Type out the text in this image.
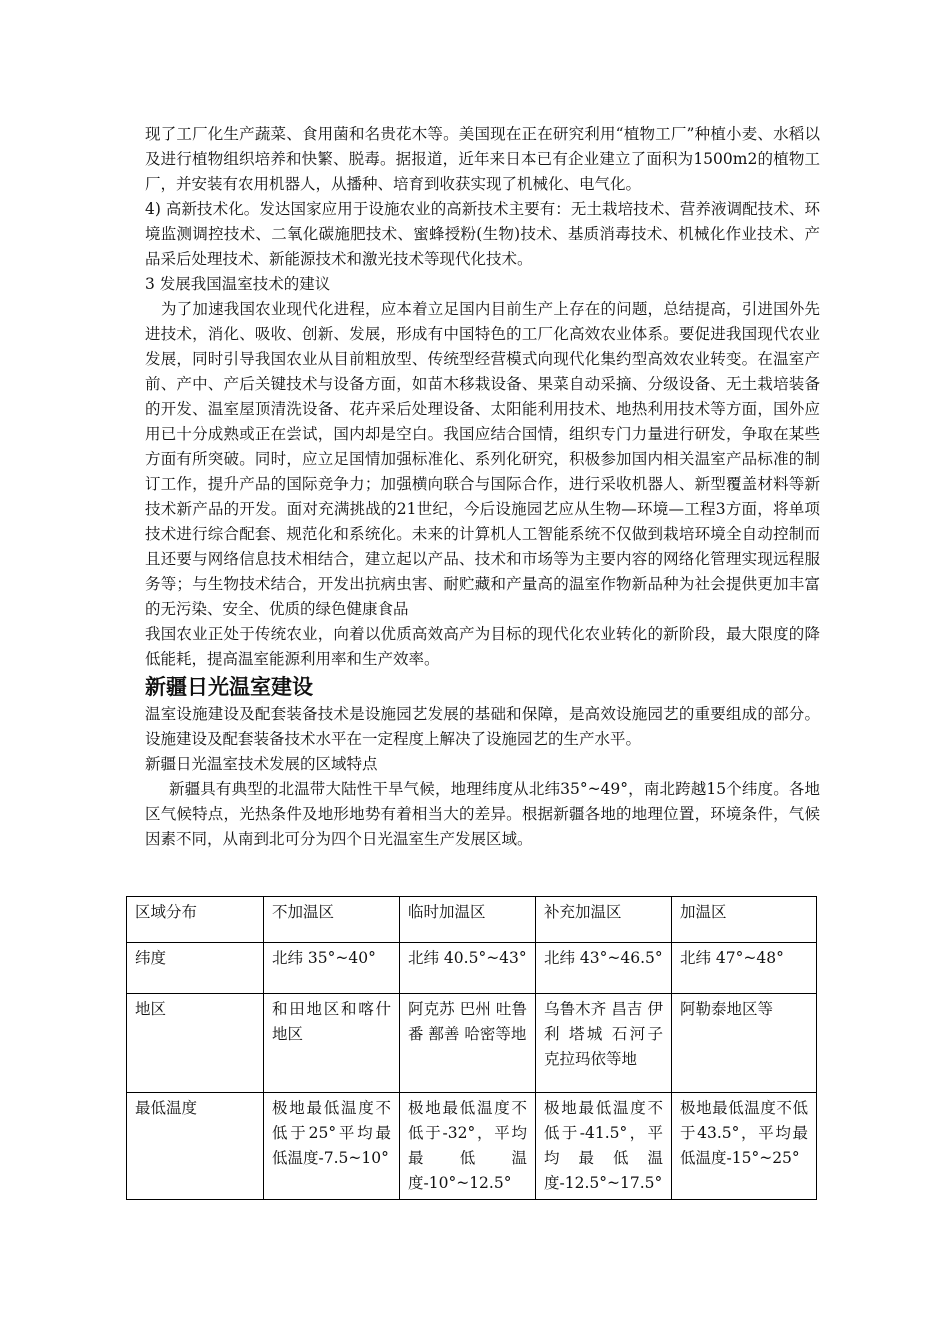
现了工厂化生产蔬菜、食用菌和名贵花木等。美国现在正在研究利用“植物工厂”种植小麦、水稻以及进行植物组织培养和快繁、脱毒。据报道，近年来日本已有企业建立了面积为1500m2的植物工厂，并安装有农用机器人，从播种、培育到收获实现了机械化、电气化。

4) 高新技术化。发达国家应用于设施农业的高新技术主要有：无土栽培技术、营养液调配技术、环境监测调控技术、二氧化碳施肥技术、蜜蜂授粉(生物)技术、基质消毒技术、机械化作业技术、产品采后处理技术、新能源技术和激光技术等现代化技术。

3 发展我国温室技术的建议

为了加速我国农业现代化进程，应本着立足国内目前生产上存在的问题，总结提高，引进国外先进技术，消化、吸收、创新、发展，形成有中国特色的工厂化高效农业体系。要促进我国现代农业发展，同时引导我国农业从目前粗放型、传统型经营模式向现代化集约型高效农业转变。在温室产前、产中、产后关键技术与设备方面，如苗木移栽设备、果菜自动采摘、分级设备、无土栽培装备的开发、温室屋顶清洗设备、花卉采后处理设备、太阳能利用技术、地热利用技术等方面，国外应用已十分成熟或正在尝试，国内却是空白。我国应结合国情，组织专门力量进行研发，争取在某些方面有所突破。同时，应立足国情加强标准化、系列化研究，积极参加国内相关温室产品标准的制订工作，提升产品的国际竞争力；加强横向联合与国际合作，进行采收机器人、新型覆盖材料等新技术新产品的开发。面对充满挑战的21世纪，今后设施园艺应从生物—环境—工程3方面，将单项技术进行综合配套、规范化和系统化。未来的计算机人工智能系统不仅做到栽培环境全自动控制而且还要与网络信息技术相结合，建立起以产品、技术和市场等为主要内容的网络化管理实现远程服务等；与生物技术结合，开发出抗病虫害、耐贮藏和产量高的温室作物新品种为社会提供更加丰富的无污染、安全、优质的绿色健康食品

我国农业正处于传统农业，向着以优质高效高产为目标的现代化农业转化的新阶段，最大限度的降低能耗，提高温室能源利用率和生产效率。

新疆日光温室建设

温室设施建设及配套装备技术是设施园艺发展的基础和保障，是高效设施园艺的重要组成的部分。设施建设及配套装备技术水平在一定程度上解决了设施园艺的生产水平。

新疆日光温室技术发展的区域特点

新疆具有典型的北温带大陆性干旱气候，地理纬度从北纬35°~49°，南北跨越15个纬度。各地区气候特点，光热条件及地形地势有着相当大的差异。根据新疆各地的地理位置，环境条件，气候因素不同，从南到北可分为四个日光温室生产发展区域。

区域分布	不加温区	临时加温区	补充加温区	加温区
纬度	北纬 35°~40°	北纬 40.5°~43°	北纬 43°~46.5°	北纬 47°~48°
地区	和田地区和喀什地区	阿克苏 巴州 吐鲁番 鄯善 哈密等地	乌鲁木齐 昌吉 伊利 塔城 石河子 克拉玛依等地	阿勒泰地区等
最低温度	极地最低温度不低于25°平均最低温度-7.5~10°	极地最低温度不低于-32°，平均最低温度-10°~12.5°	极地最低温度不低于-41.5°，平均最低温度-12.5°~17.5°	极地最低温度不低于43.5°，平均最低温度-15°~25°
